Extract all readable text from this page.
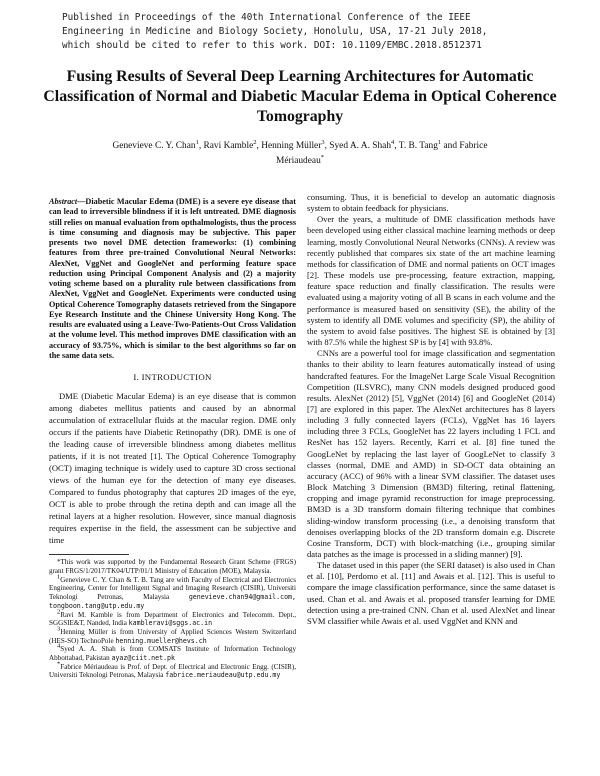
Published in Proceedings of the 40th International Conference of the IEEE
Engineering in Medicine and Biology Society, Honolulu, USA, 17-21 July 2018,
which should be cited to refer to this work. DOI: 10.1109/EMBC.2018.8512371
Fusing Results of Several Deep Learning Architectures for Automatic Classification of Normal and Diabetic Macular Edema in Optical Coherence Tomography
Genevieve C. Y. Chan$^1$, Ravi Kamble$^2$, Henning Müller$^3$, Syed A. A. Shah$^4$, T. B. Tang$^1$ and Fabrice Mériaudeau*
Abstract—Diabetic Macular Edema (DME) is a severe eye disease that can lead to irreversible blindness if it is left untreated. DME diagnosis still relies on manual evaluation from opthalmologists, thus the process is time consuming and diagnosis may be subjective. This paper presents two novel DME detection frameworks: (1) combining features from three pre-trained Convolutional Neural Networks: AlexNet, VggNet and GoogleNet and performing feature space reduction using Principal Component Analysis and (2) a majority voting scheme based on a plurality rule between classifications from AlexNet, VggNet and GoogleNet. Experiments were conducted using Optical Coherence Tomography datasets retrieved from the Singapore Eye Research Institute and the Chinese University Hong Kong. The results are evaluated using a Leave-Two-Patients-Out Cross Validation at the volume level. This method improves DME classification with an accuracy of 93.75%, which is similar to the best algorithms so far on the same data sets.
I. INTRODUCTION

DME (Diabetic Macular Edema) is an eye disease that is common among diabetes mellitus patients and caused by an abnormal accumulation of extracellular fluids at the macular region. DME only occurs if the patients have Diabetic Retinopathy (DR). DME is one of the leading cause of irreversible blindness among diabetes mellitus patients, if it is not treated [1]. The Optical Coherence Tomography (OCT) imaging technique is widely used to capture 3D cross sectional views of the human eye for the detection of many eye diseases. Compared to fundus photography that captures 2D images of the eye, OCT is able to probe through the retina depth and can image all the retinal layers at a higher resolution. However, since manual diagnosis requires expertise in the field, the assessment can be subjective and time

*This work was supported by the Fundamental Research Grant Scheme (FRGS) grant FRGS/1/2017/TK04/UTP/01/1 Ministry of Education (MOE), Malaysia.

$^1$Genevieve C. Y. Chan & T. B. Tang are with Faculty of Electrical and Electronics Engineering, Center for Intelligent Signal and Imaging Research (CISIR), Universiti Teknologi Petronas, Malaysia	genevieve.chan94@gmail.com, tongboon.tang@utp.edu.my

$^2$Ravi M. Kamble is from Department of Electronics and Telecomm. Dept., SGGSIE&T, Nanded, India kambleravi@sggs.ac.in

$^3$Henning Müller is from University of Applied Sciences Western Switzerland (HES-SO) TechnoPole henning.mueller@hevs.ch

$^4$Syed A. A. Shah is from COMSATS Institute of Information Technology Abbottabad, Pakistan ayaz@ciit.net.pk

*Fabrice Mériaudeau is Prof. of Dept. of Electrical and Electronic Engg. (CISIR), Universiti Teknologi Petronas, Malaysia fabrice.meriaudeau@utp.edu.my

consuming. Thus, it is beneficial to develop an automatic diagnosis system to obtain feedback for physicians.

Over the years, a multitude of DME classification methods have been developed using either classical machine learning methods or deep learning, mostly Convolutional Neural Networks (CNNs). A review was recently published that compares six state of the art machine learning methods for classification of DME and normal patients on OCT images [2]. These models use pre-processing, feature extraction, mapping, feature space reduction and finally classification. The results were evaluated using a majority voting of all B scans in each volume and the performance is measured based on sensitivity (SE), the ability of the system to identify all DME volumes and specificity (SP), the ability of the system to avoid false positives. The highest SE is obtained by [3] with 87.5% while the highest SP is by [4] with 93.8%.

CNNs are a powerful tool for image classification and segmentation thanks to their ability to learn features automatically instead of using handcrafted features. For the ImageNet Large Scale Visual Recognition Competition (ILSVRC), many CNN models designed produced good results. AlexNet (2012) [5], VggNet (2014) [6] and GoogleNet (2014) [7] are explored in this paper. The AlexNet architectures has 8 layers including 3 fully connected layers (FCLs), VggNet has 16 layers including three 3 FCLs, GoogleNet has 22 layers including 1 FCL and ResNet has 152 layers. Recently, Karri et al. [8] fine tuned the GoogLeNet by replacing the last layer of GoogLeNet to classify 3 classes (normal, DME and AMD) in SD-OCT data obtaining an accuracy (ACC) of 96% with a linear SVM classifier. The dataset uses Block Matching 3 Dimension (BM3D) filtering, retinal flattening, cropping and image pyramid reconstruction for image preprocessing. BM3D is a 3D transform domain filtering technique that combines sliding-window transform processing (i.e., a denoising transform that denoises overlapping blocks of the 2D transform domain e.g. Discrete Cosine Transform, DCT) with block-matching (i.e., grouping similar data patches as the image is processed in a sliding manner) [9].

The dataset used in this paper (the SERI dataset) is also used in Chan et al. [10], Perdomo et al. [11] and Awais et al. [12]. This is useful to compare the image classification performance, since the same dataset is used. Chan et al. and Awais et al. proposed transfer learning for DME detection using a pre-trained CNN. Chan et al. used AlexNet and linear SVM classifier while Awais et al. used VggNet and KNN and
